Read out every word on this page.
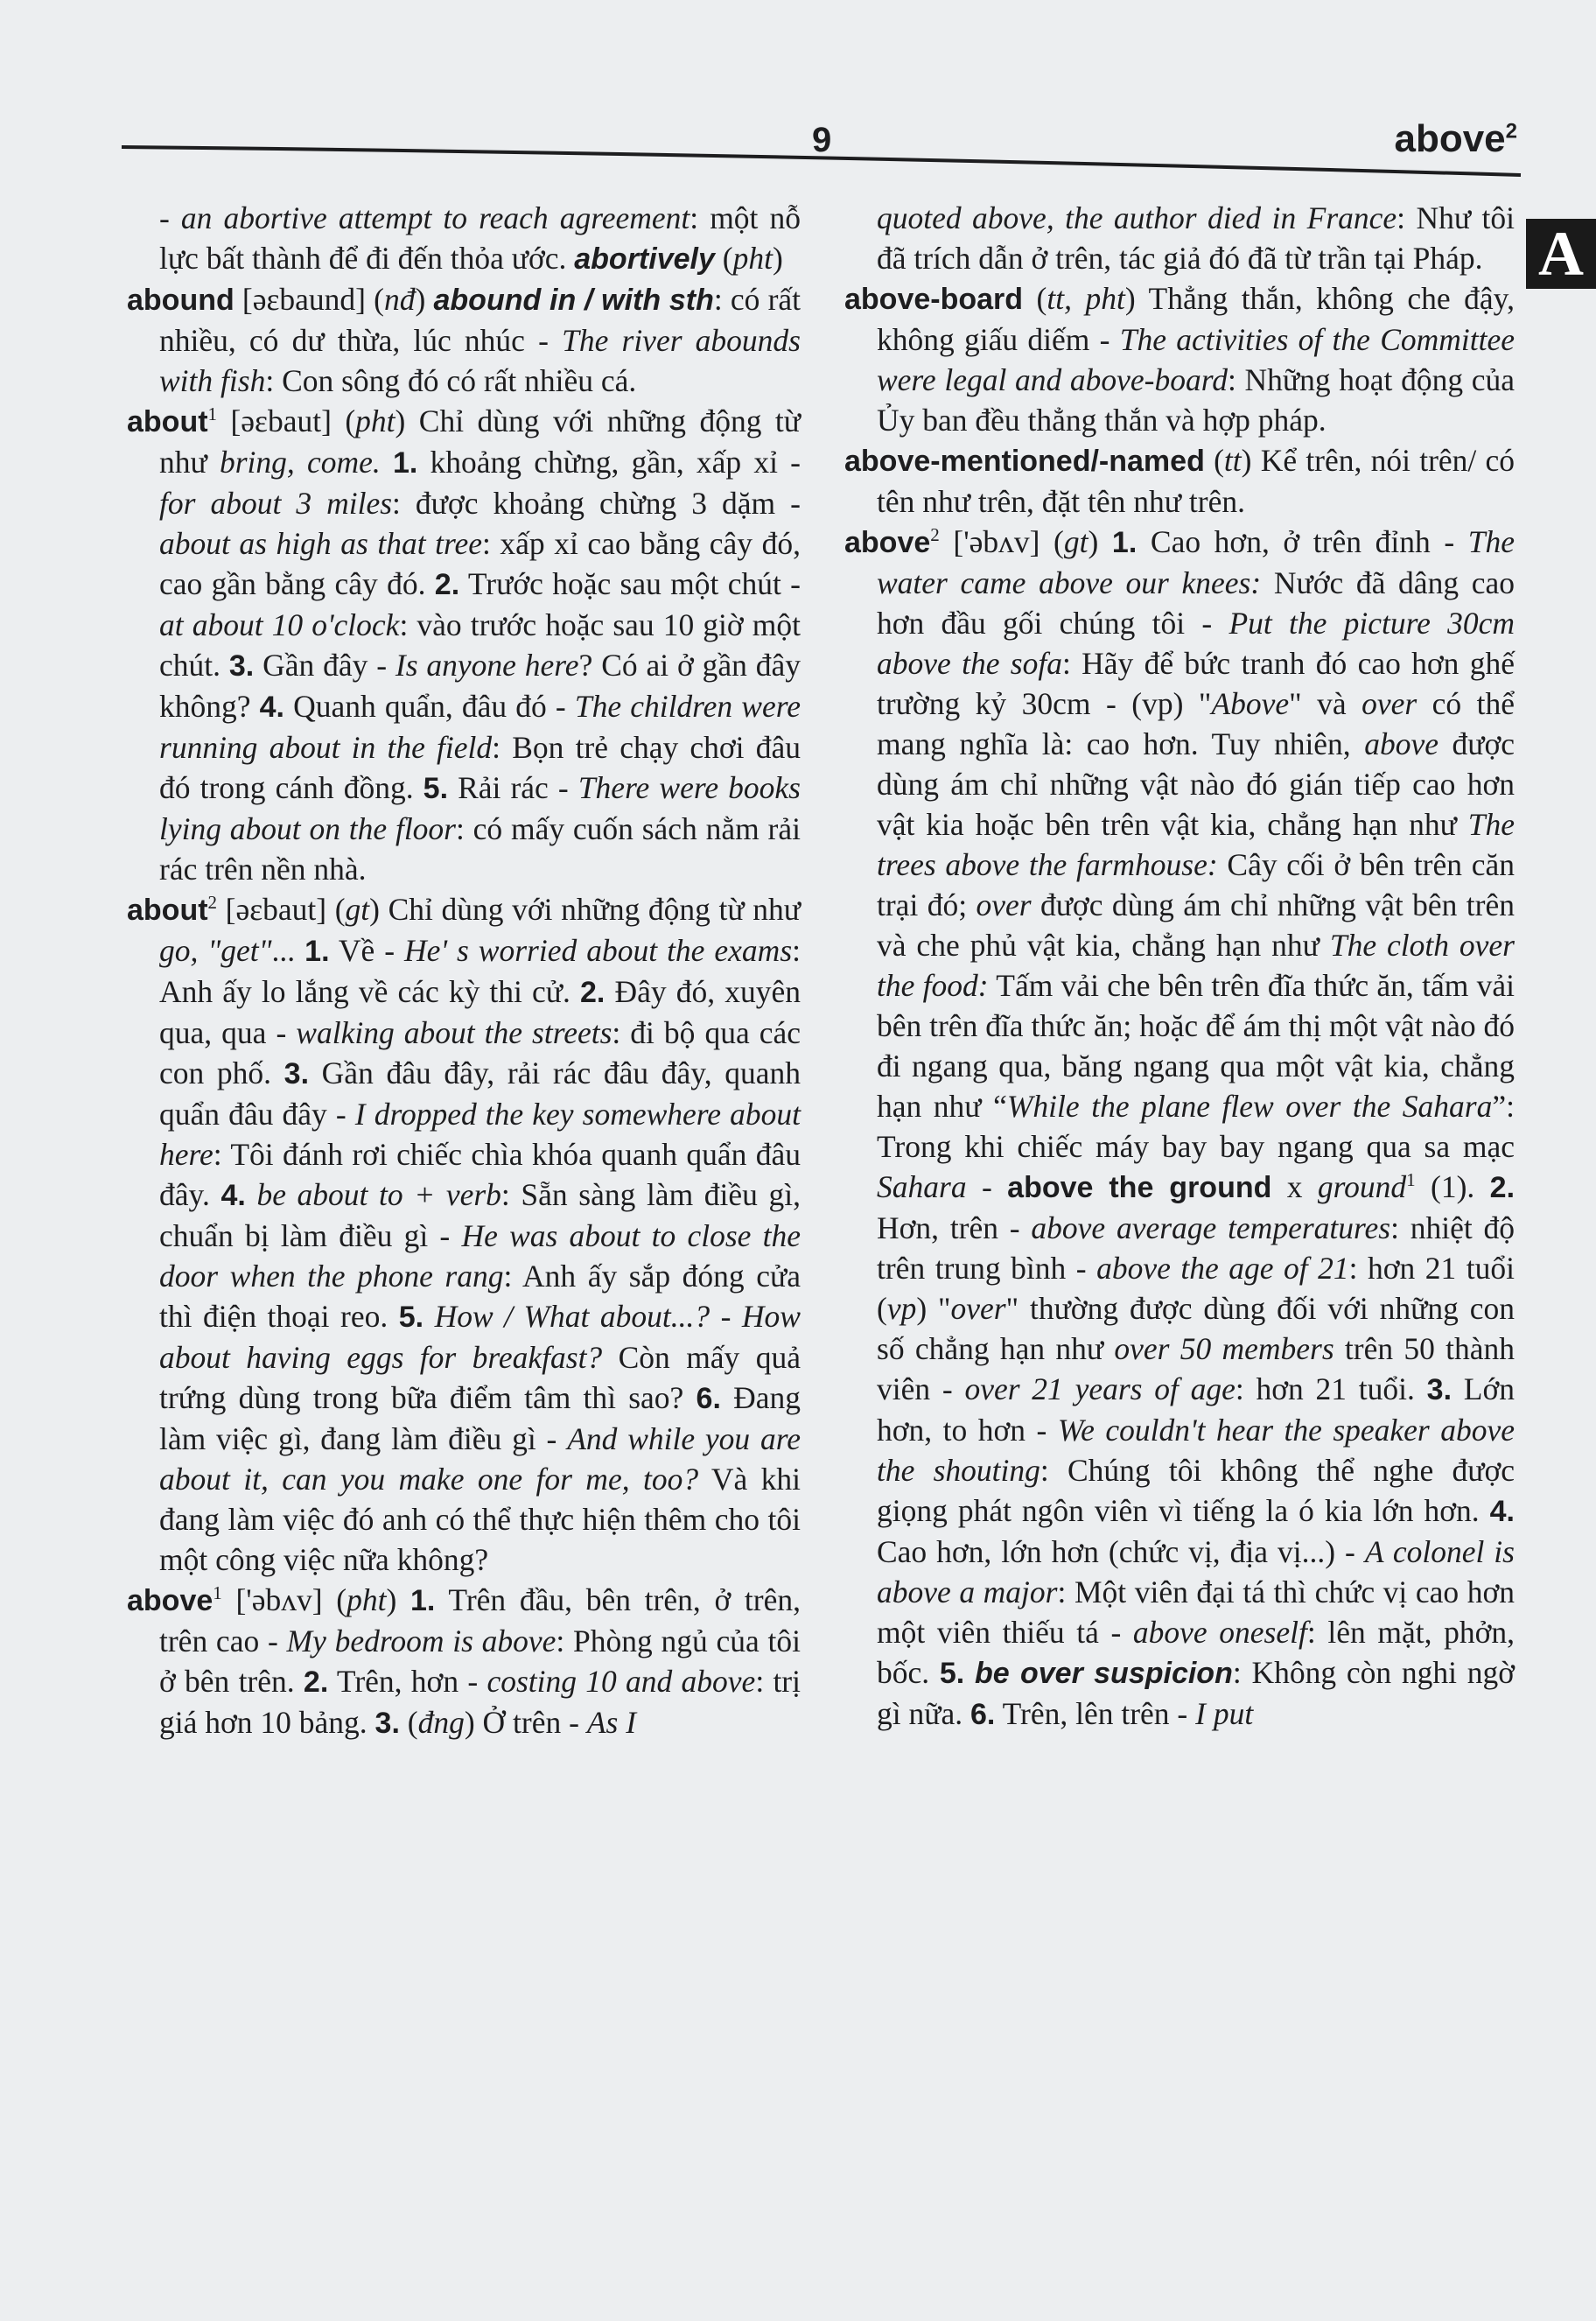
9	above$^2$
A

- an abortive attempt to reach agreement: một nỗ lực bất thành để đi đến thỏa ước. abortively (pht)

abound [əεbaund] (nđ) abound in / with sth: có rất nhiều, có dư thừa, lúc nhúc - The river abounds with fish: Con sông đó có rất nhiều cá.

about$^1$ [əεbaut] (pht) Chỉ dùng với những động từ như bring, come. 1. khoảng chừng, gần, xấp xỉ - for about 3 miles: được khoảng chừng 3 dặm - about as high as that tree: xấp xỉ cao bằng cây đó, cao gần bằng cây đó. 2. Trước hoặc sau một chút - at about 10 o'clock: vào trước hoặc sau 10 giờ một chút. 3. Gần đây - Is anyone here? Có ai ở gần đây không? 4. Quanh quẩn, đâu đó - The children were running about in the field: Bọn trẻ chạy chơi đâu đó trong cánh đồng. 5. Rải rác - There were books lying about on the floor: có mấy cuốn sách nằm rải rác trên nền nhà.

about$^2$ [əεbaut] (gt) Chỉ dùng với những động từ như go, "get"... 1. Về - He' s worried about the exams: Anh ấy lo lắng về các kỳ thi cử. 2. Đây đó, xuyên qua, qua - walking about the streets: đi bộ qua các con phố. 3. Gần đâu đây, rải rác đâu đây, quanh quẩn đâu đây - I dropped the key somewhere about here: Tôi đánh rơi chiếc chìa khóa quanh quẩn đâu đây. 4. be about to + verb: Sẵn sàng làm điều gì, chuẩn bị làm điều gì - He was about to close the door when the phone rang: Anh ấy sắp đóng cửa thì điện thoại reo. 5. How / What about...? - How about having eggs for breakfast? Còn mấy quả trứng dùng trong bữa điểm tâm thì sao? 6. Đang làm việc gì, đang làm điều gì - And while you are about it, can you make one for me, too? Và khi đang làm việc đó anh có thể thực hiện thêm cho tôi một công việc nữa không?

above$^1$ ['əbʌv] (pht) 1. Trên đầu, bên trên, ở trên, trên cao - My bedroom is above: Phòng ngủ của tôi ở bên trên. 2. Trên, hơn - costing 10 and above: trị giá hơn 10 bảng. 3. (đng) Ở trên - As I

quoted above, the author died in France: Như tôi đã trích dẫn ở trên, tác giả đó đã từ trần tại Pháp.

above-board (tt, pht) Thẳng thắn, không che đậy, không giấu diếm - The activities of the Committee were legal and above-board: Những hoạt động của Ủy ban đều thẳng thắn và hợp pháp.

above-mentioned/-named (tt) Kể trên, nói trên/ có tên như trên, đặt tên như trên.

above$^2$ ['əbʌv] (gt) 1. Cao hơn, ở trên đỉnh - The water came above our knees: Nước đã dâng cao hơn đầu gối chúng tôi - Put the picture 30cm above the sofa: Hãy để bức tranh đó cao hơn ghế trường kỷ 30cm - (vp) "Above" và over có thể mang nghĩa là: cao hơn. Tuy nhiên, above được dùng ám chỉ những vật nào đó gián tiếp cao hơn vật kia hoặc bên trên vật kia, chẳng hạn như The trees above the farmhouse: Cây cối ở bên trên căn trại đó; over được dùng ám chỉ những vật bên trên và che phủ vật kia, chẳng hạn như The cloth over the food: Tấm vải che bên trên đĩa thức ăn, tấm vải bên trên đĩa thức ăn; hoặc để ám thị một vật nào đó đi ngang qua, băng ngang qua một vật kia, chẳng hạn như “While the plane flew over the Sahara”: Trong khi chiếc máy bay bay ngang qua sa mạc Sahara - above the ground x ground$^1$ (1). 2. Hơn, trên - above average temperatures: nhiệt độ trên trung bình - above the age of 21: hơn 21 tuổi (vp) "over" thường được dùng đối với những con số chẳng hạn như over 50 members trên 50 thành viên - over 21 years of age: hơn 21 tuổi. 3. Lớn hơn, to hơn - We couldn't hear the speaker above the shouting: Chúng tôi không thể nghe được giọng phát ngôn viên vì tiếng la ó kia lớn hơn. 4. Cao hơn, lớn hơn (chức vị, địa vị...) - A colonel is above a major: Một viên đại tá thì chức vị cao hơn một viên thiếu tá - above oneself: lên mặt, phởn, bốc. 5. be over suspicion: Không còn nghi ngờ gì nữa. 6. Trên, lên trên - I put
